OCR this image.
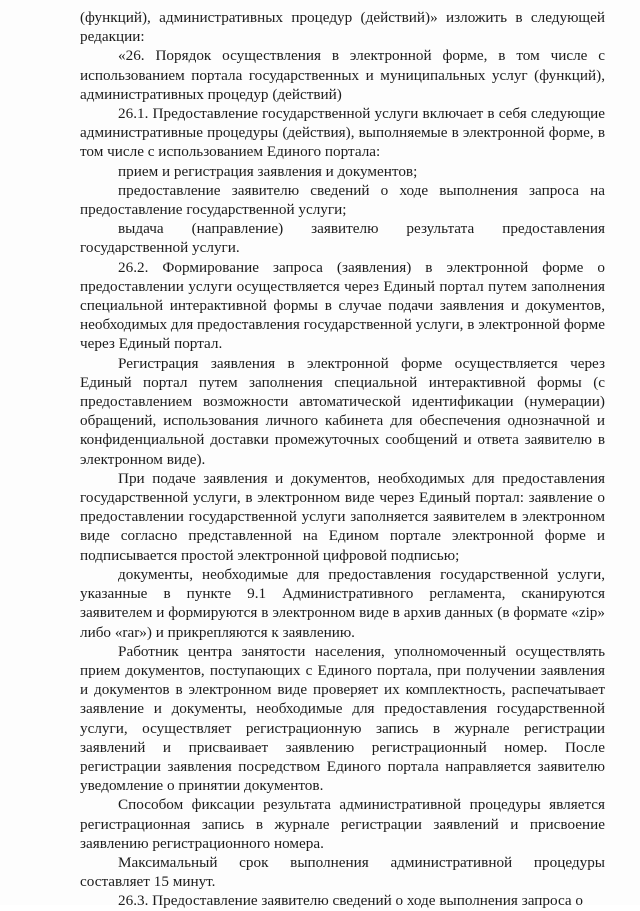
(функций), административных процедур (действий)» изложить в следующей редакции:

«26. Порядок осуществления в электронной форме, в том числе с использованием портала государственных и муниципальных услуг (функций), административных процедур (действий)

26.1. Предоставление государственной услуги включает в себя следующие административные процедуры (действия), выполняемые в электронной форме, в том числе с использованием Единого портала:

прием и регистрация заявления и документов;

предоставление заявителю сведений о ходе выполнения запроса на предоставление государственной услуги;

выдача (направление) заявителю результата предоставления государственной услуги.

26.2. Формирование запроса (заявления) в электронной форме о предоставлении услуги осуществляется через Единый портал путем заполнения специальной интерактивной формы в случае подачи заявления и документов, необходимых для предоставления государственной услуги, в электронной форме через Единый портал.

Регистрация заявления в электронной форме осуществляется через Единый портал путем заполнения специальной интерактивной формы (с предоставлением возможности автоматической идентификации (нумерации) обращений, использования личного кабинета для обеспечения однозначной и конфиденциальной доставки промежуточных сообщений и ответа заявителю в электронном виде).

При подаче заявления и документов, необходимых для предоставления государственной услуги, в электронном виде через Единый портал: заявление о предоставлении государственной услуги заполняется заявителем в электронном виде согласно представленной на Едином портале электронной форме и подписывается простой электронной цифровой подписью;

документы, необходимые для предоставления государственной услуги, указанные в пункте 9.1 Административного регламента, сканируются заявителем и формируются в электронном виде в архив данных (в формате «zip» либо «rar») и прикрепляются к заявлению.

Работник центра занятости населения, уполномоченный осуществлять прием документов, поступающих с Единого портала, при получении заявления и документов в электронном виде проверяет их комплектность, распечатывает заявление и документы, необходимые для предоставления государственной услуги, осуществляет регистрационную запись в журнале регистрации заявлений и присваивает заявлению регистрационный номер. После регистрации заявления посредством Единого портала направляется заявителю уведомление о принятии документов.

Способом фиксации результата административной процедуры является регистрационная запись в журнале регистрации заявлений и присвоение заявлению регистрационного номера.

Максимальный срок выполнения административной процедуры составляет 15 минут.

26.3. Предоставление заявителю сведений о ходе выполнения запроса о
